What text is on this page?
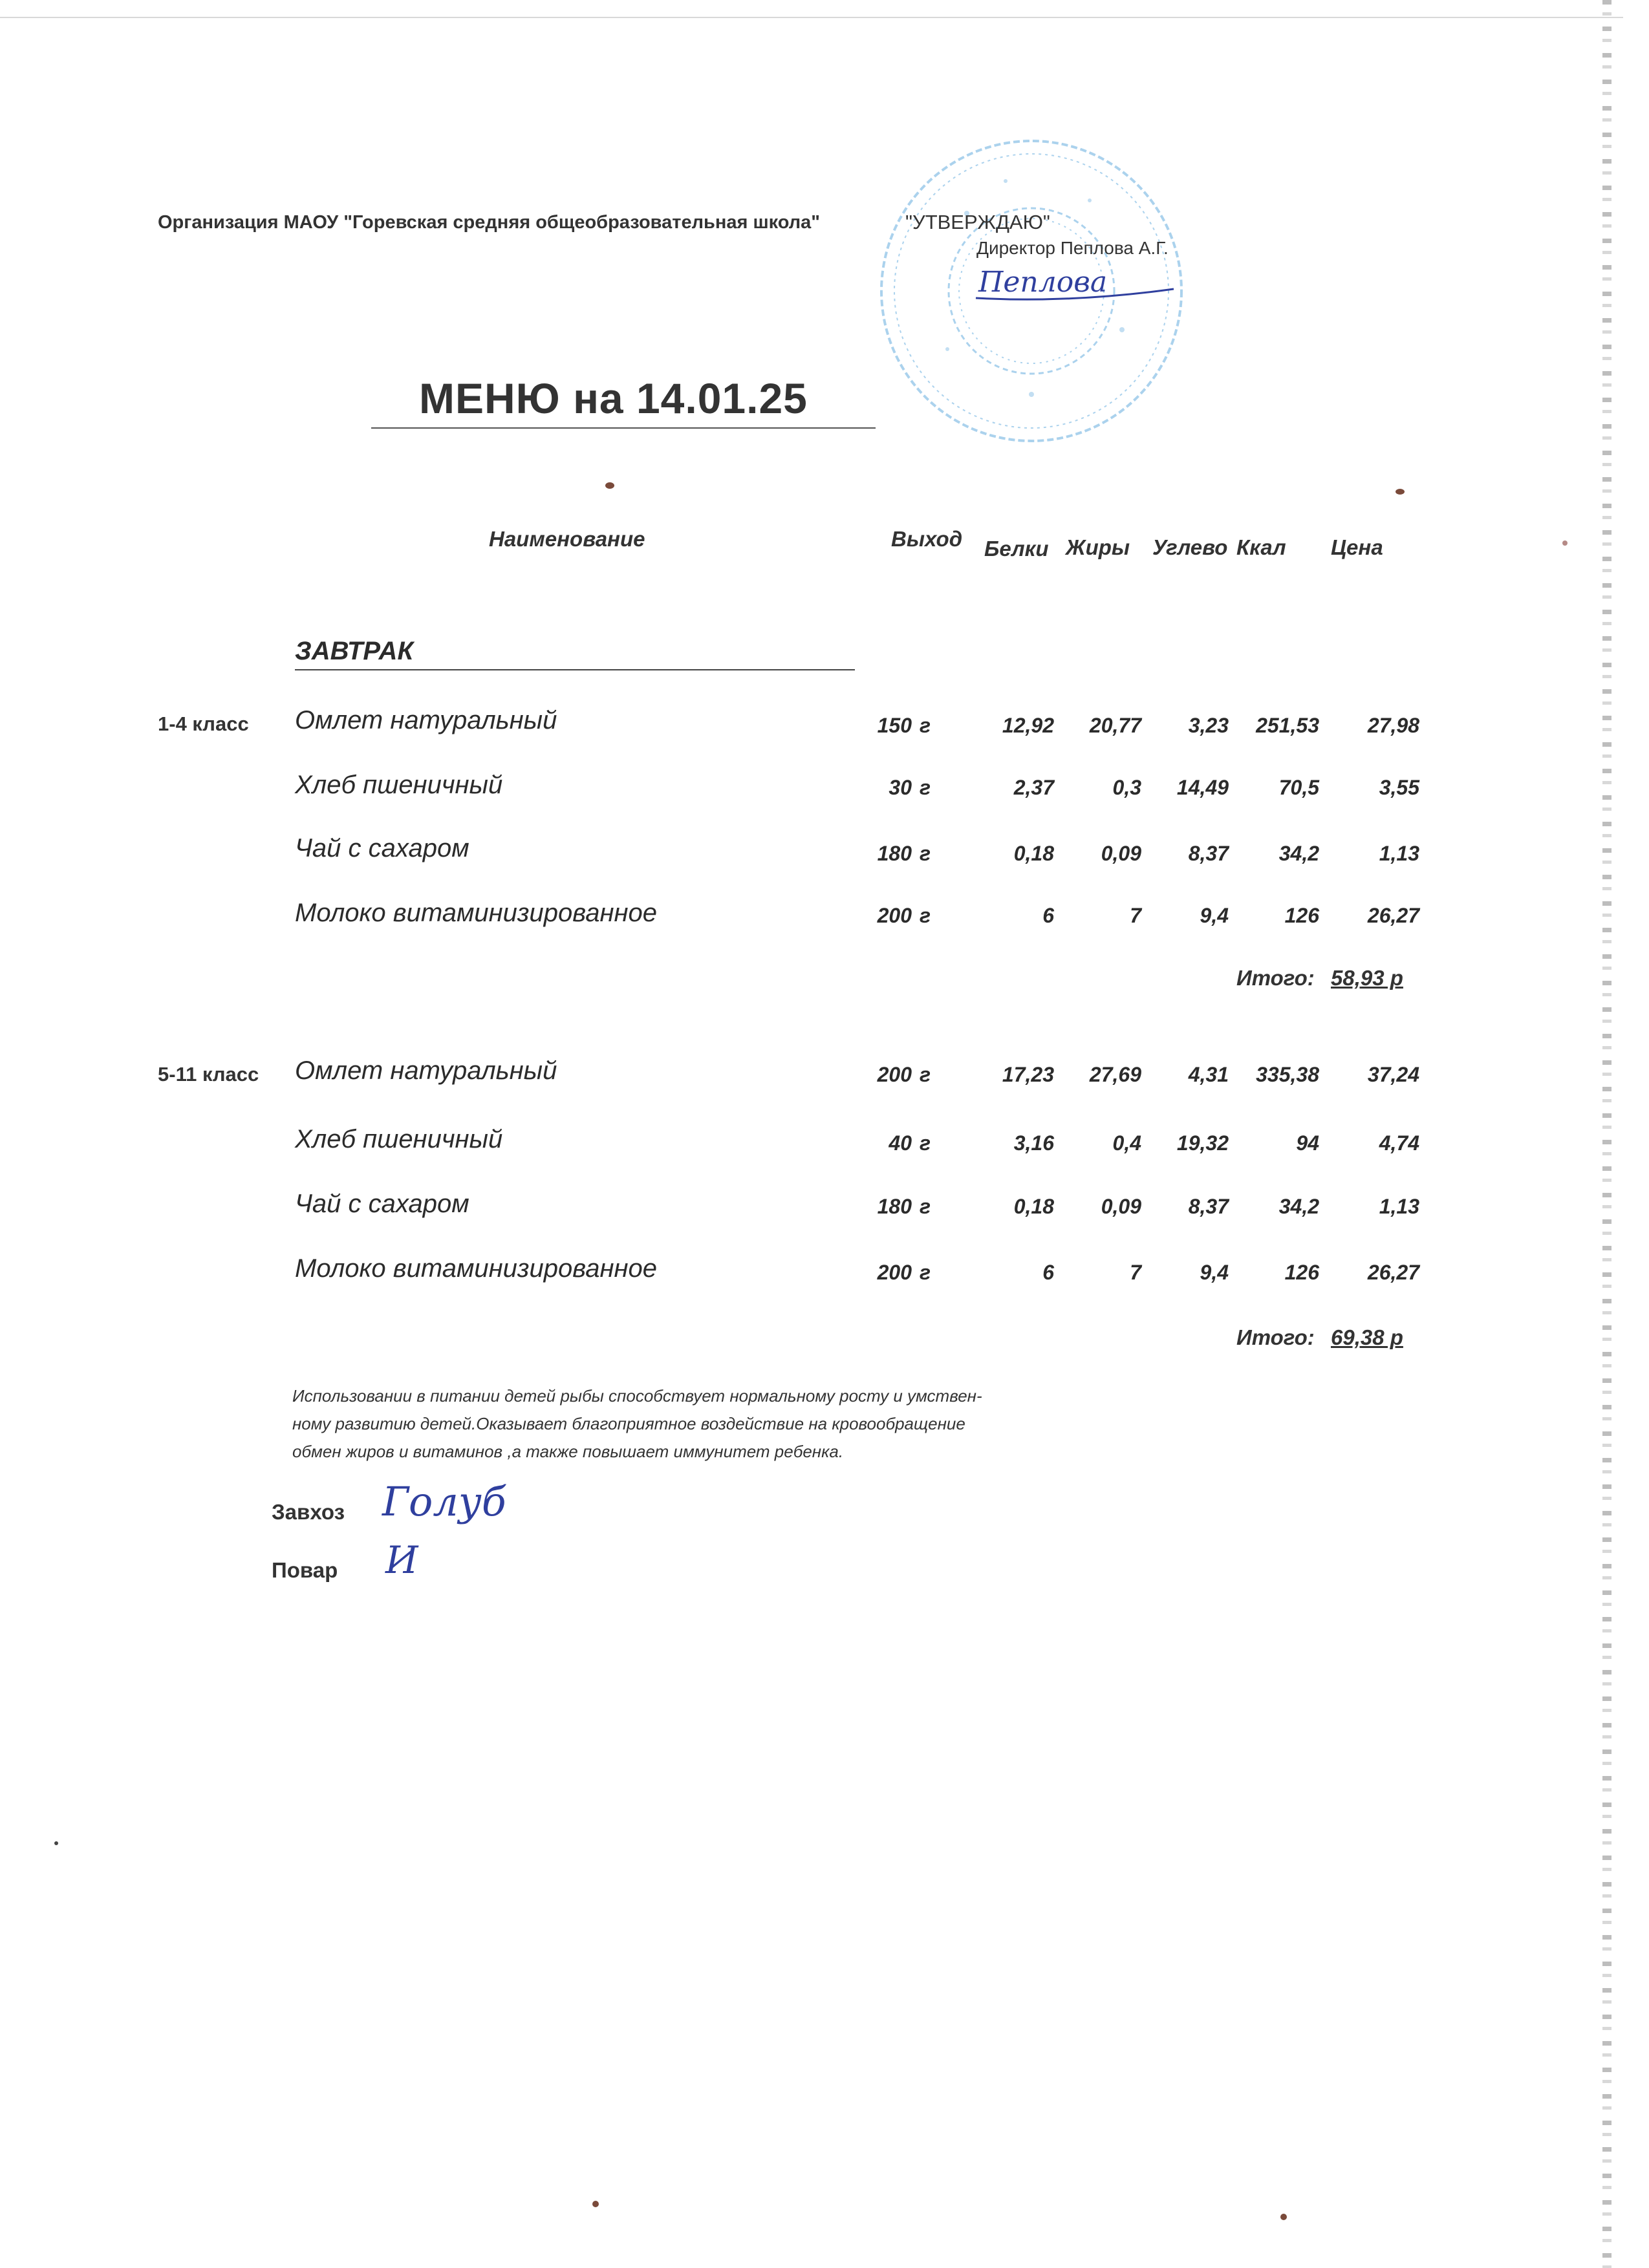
Организация МАОУ "Горевская средняя общеобразовательная школа"	"УТВЕРЖДАЮ"
Директор Пеплова А.Г.
Пеплова
МЕНЮ на 14.01.25
Наименование	Выход Белки Жиры Углево Ккал Цена
ЗАВТРАК
1-4 класс Омлет натуральный	150 г	12,92	20,77	3,23	251,53	27,98
Хлеб пшеничный	30 г	2,37	0,3	14,49	70,5	3,55
Чай с сахаром	180 г	0,18	0,09	8,37	34,2	1,13
Молоко витаминизированное	200 г	6	7	9,4	126	26,27
Итого: 58,93 р
5-11 класс Омлет натуральный	200 г	17,23	27,69	4,31	335,38	37,24
Хлеб пшеничный	40 г	3,16	0,4	19,32	94	4,74
Чай с сахаром	180 г	0,18	0,09	8,37	34,2	1,13
Молоко витаминизированное	200 г	6	7	9,4	126	26,27
Итого: 69,38 р
Использовании в питании детей рыбы способствует нормальному росту и умствен-
ному развитию детей.Оказывает благоприятное воздействие на кровообращение
обмен жиров и витаминов ,а также повышает иммунитет ребенка.
Завхоз Голуб
Повар И
